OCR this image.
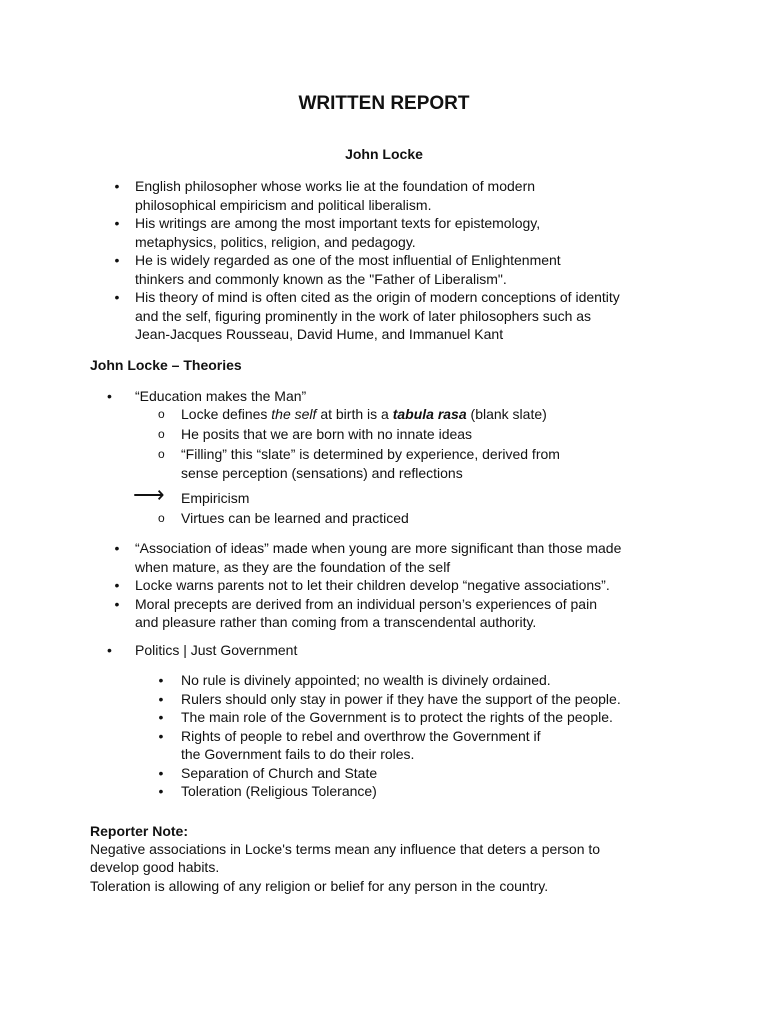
WRITTEN REPORT
John Locke
•	English philosopher whose works lie at the foundation of modern
philosophical empiricism and political liberalism.
•	His writings are among the most important texts for epistemology,
metaphysics, politics, religion, and pedagogy.
•	He is widely regarded as one of the most influential of Enlightenment
thinkers and commonly known as the "Father of Liberalism".
•	His theory of mind is often cited as the origin of modern conceptions of identity
and the self, figuring prominently in the work of later philosophers such as
Jean-Jacques Rousseau, David Hume, and Immanuel Kant
John Locke – Theories
• “Education makes the Man”
o Locke defines the self at birth is a tabula rasa (blank slate)
o He posits that we are born with no innate ideas
o “Filling” this “slate” is determined by experience, derived from
sense perception (sensations) and reflections
⟶ Empiricism
o Virtues can be learned and practiced
•	“Association of ideas” made when young are more significant than those made
when mature, as they are the foundation of the self
•	Locke warns parents not to let their children develop “negative associations”.
•	Moral precepts are derived from an individual person’s experiences of pain
and pleasure rather than coming from a transcendental authority.
• Politics | Just Government
•	No rule is divinely appointed; no wealth is divinely ordained.
•	Rulers should only stay in power if they have the support of the people.
•	The main role of the Government is to protect the rights of the people.
•	Rights of people to rebel and overthrow the Government if
the Government fails to do their roles.
•	Separation of Church and State
•	Toleration (Religious Tolerance)
Reporter Note:
Negative associations in Locke's terms mean any influence that deters a person to
develop good habits.
Toleration is allowing of any religion or belief for any person in the country.
